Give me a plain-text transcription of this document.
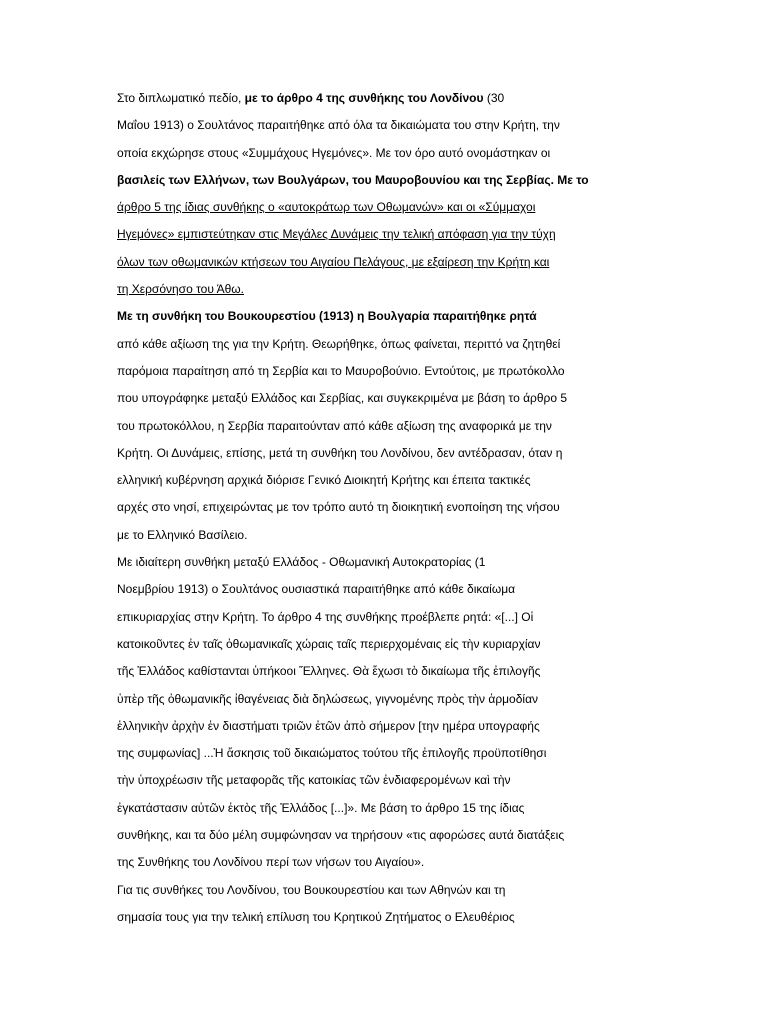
Στο διπλωματικό πεδίο, με το άρθρο 4 της συνθήκης του Λονδίνου (30
Μαΐου 1913) ο Σουλτάνος παραιτήθηκε από όλα τα δικαιώματα του στην Κρήτη, την
οποία εκχώρησε στους «Συμμάχους Ηγεμόνες». Με τον όρο αυτό ονομάστηκαν οι
βασιλείς των Ελλήνων, των Βουλγάρων, του Μαυροβουνίου και της Σερβίας. Με το
άρθρο 5 της ίδιας συνθήκης ο «αυτοκράτωρ των Οθωμανών» και οι «Σύμμαχοι
Ηγεμόνες» εμπιστεύτηκαν στις Μεγάλες Δυνάμεις την τελική απόφαση για την τύχη
όλων των οθωμανικών κτήσεων του Αιγαίου Πελάγους, με εξαίρεση την Κρήτη και
τη Χερσόνησο του Άθω.
Με τη συνθήκη του Βουκουρεστίου (1913) η Βουλγαρία παραιτήθηκε ρητά
από κάθε αξίωση της για την Κρήτη. Θεωρήθηκε, όπως φαίνεται, περιττό να ζητηθεί
παρόμοια παραίτηση από τη Σερβία και το Μαυροβούνιο. Εντούτοις, με πρωτόκολλο
που υπογράφηκε μεταξύ Ελλάδος και Σερβίας, και συγκεκριμένα με βάση το άρθρο 5
του πρωτοκόλλου, η Σερβία παραιτούνταν από κάθε αξίωση της αναφορικά με την
Κρήτη. Οι Δυνάμεις, επίσης, μετά τη συνθήκη του Λονδίνου, δεν αντέδρασαν, όταν η
ελληνική κυβέρνηση αρχικά διόρισε Γενικό Διοικητή Κρήτης και έπειτα τακτικές
αρχές στο νησί, επιχειρώντας με τον τρόπο αυτό τη διοικητική ενοποίηση της νήσου
με το Ελληνικό Βασίλειο.
Με ιδιαίτερη συνθήκη μεταξύ Ελλάδος - Οθωμανική Αυτοκρατορίας (1
Νοεμβρίου 1913) ο Σουλτάνος ουσιαστικά παραιτήθηκε από κάθε δικαίωμα
επικυριαρχίας στην Κρήτη. Το άρθρο 4 της συνθήκης προέβλεπε ρητά: «[...] Οἱ
κατοικοῦντες ἐν ταῖς ὀθωμανικαῖς χώραις ταῖς περιερχομέναις εἰς τὴν κυριαρχίαν
τῆς Ἑλλάδος καθίστανται ὑπήκοοι Ἕλληνες. Θὰ ἔχωσι τὸ δικαίωμα τῆς ἐπιλογῆς
ὑπὲρ τῆς ὀθωμανικῆς ἰθαγένειας διὰ δηλώσεως, γιγνομένης πρὸς τὴν ἁρμοδίαν
ἑλληνικὴν ἀρχὴν ἐν διαστήματι τριῶν ἐτῶν ἀπὸ σήμερον [την ημέρα υπογραφής
της συμφωνίας] ...Ἡ ἄσκησις τοῦ δικαιώματος τούτου τῆς ἐπιλογῆς προϋποτίθησι
τὴν ὑποχρέωσιν τῆς μεταφορᾶς τῆς κατοικίας τῶν ἐνδιαφερομένων καὶ τὴν
ἐγκατάστασιν αὐτῶν ἐκτὸς τῆς Ἑλλάδος [...]». Με βάση το άρθρο 15 της ίδιας
συνθήκης, και τα δύο μέλη συμφώνησαν να τηρήσουν «τις αφορώσες αυτά διατάξεις
της Συνθήκης του Λονδίνου περί των νήσων του Αιγαίου».
Για τις συνθήκες του Λονδίνου, του Βουκουρεστίου και των Αθηνών και τη
σημασία τους για την τελική επίλυση του Κρητικού Ζητήματος ο Ελευθέριος
